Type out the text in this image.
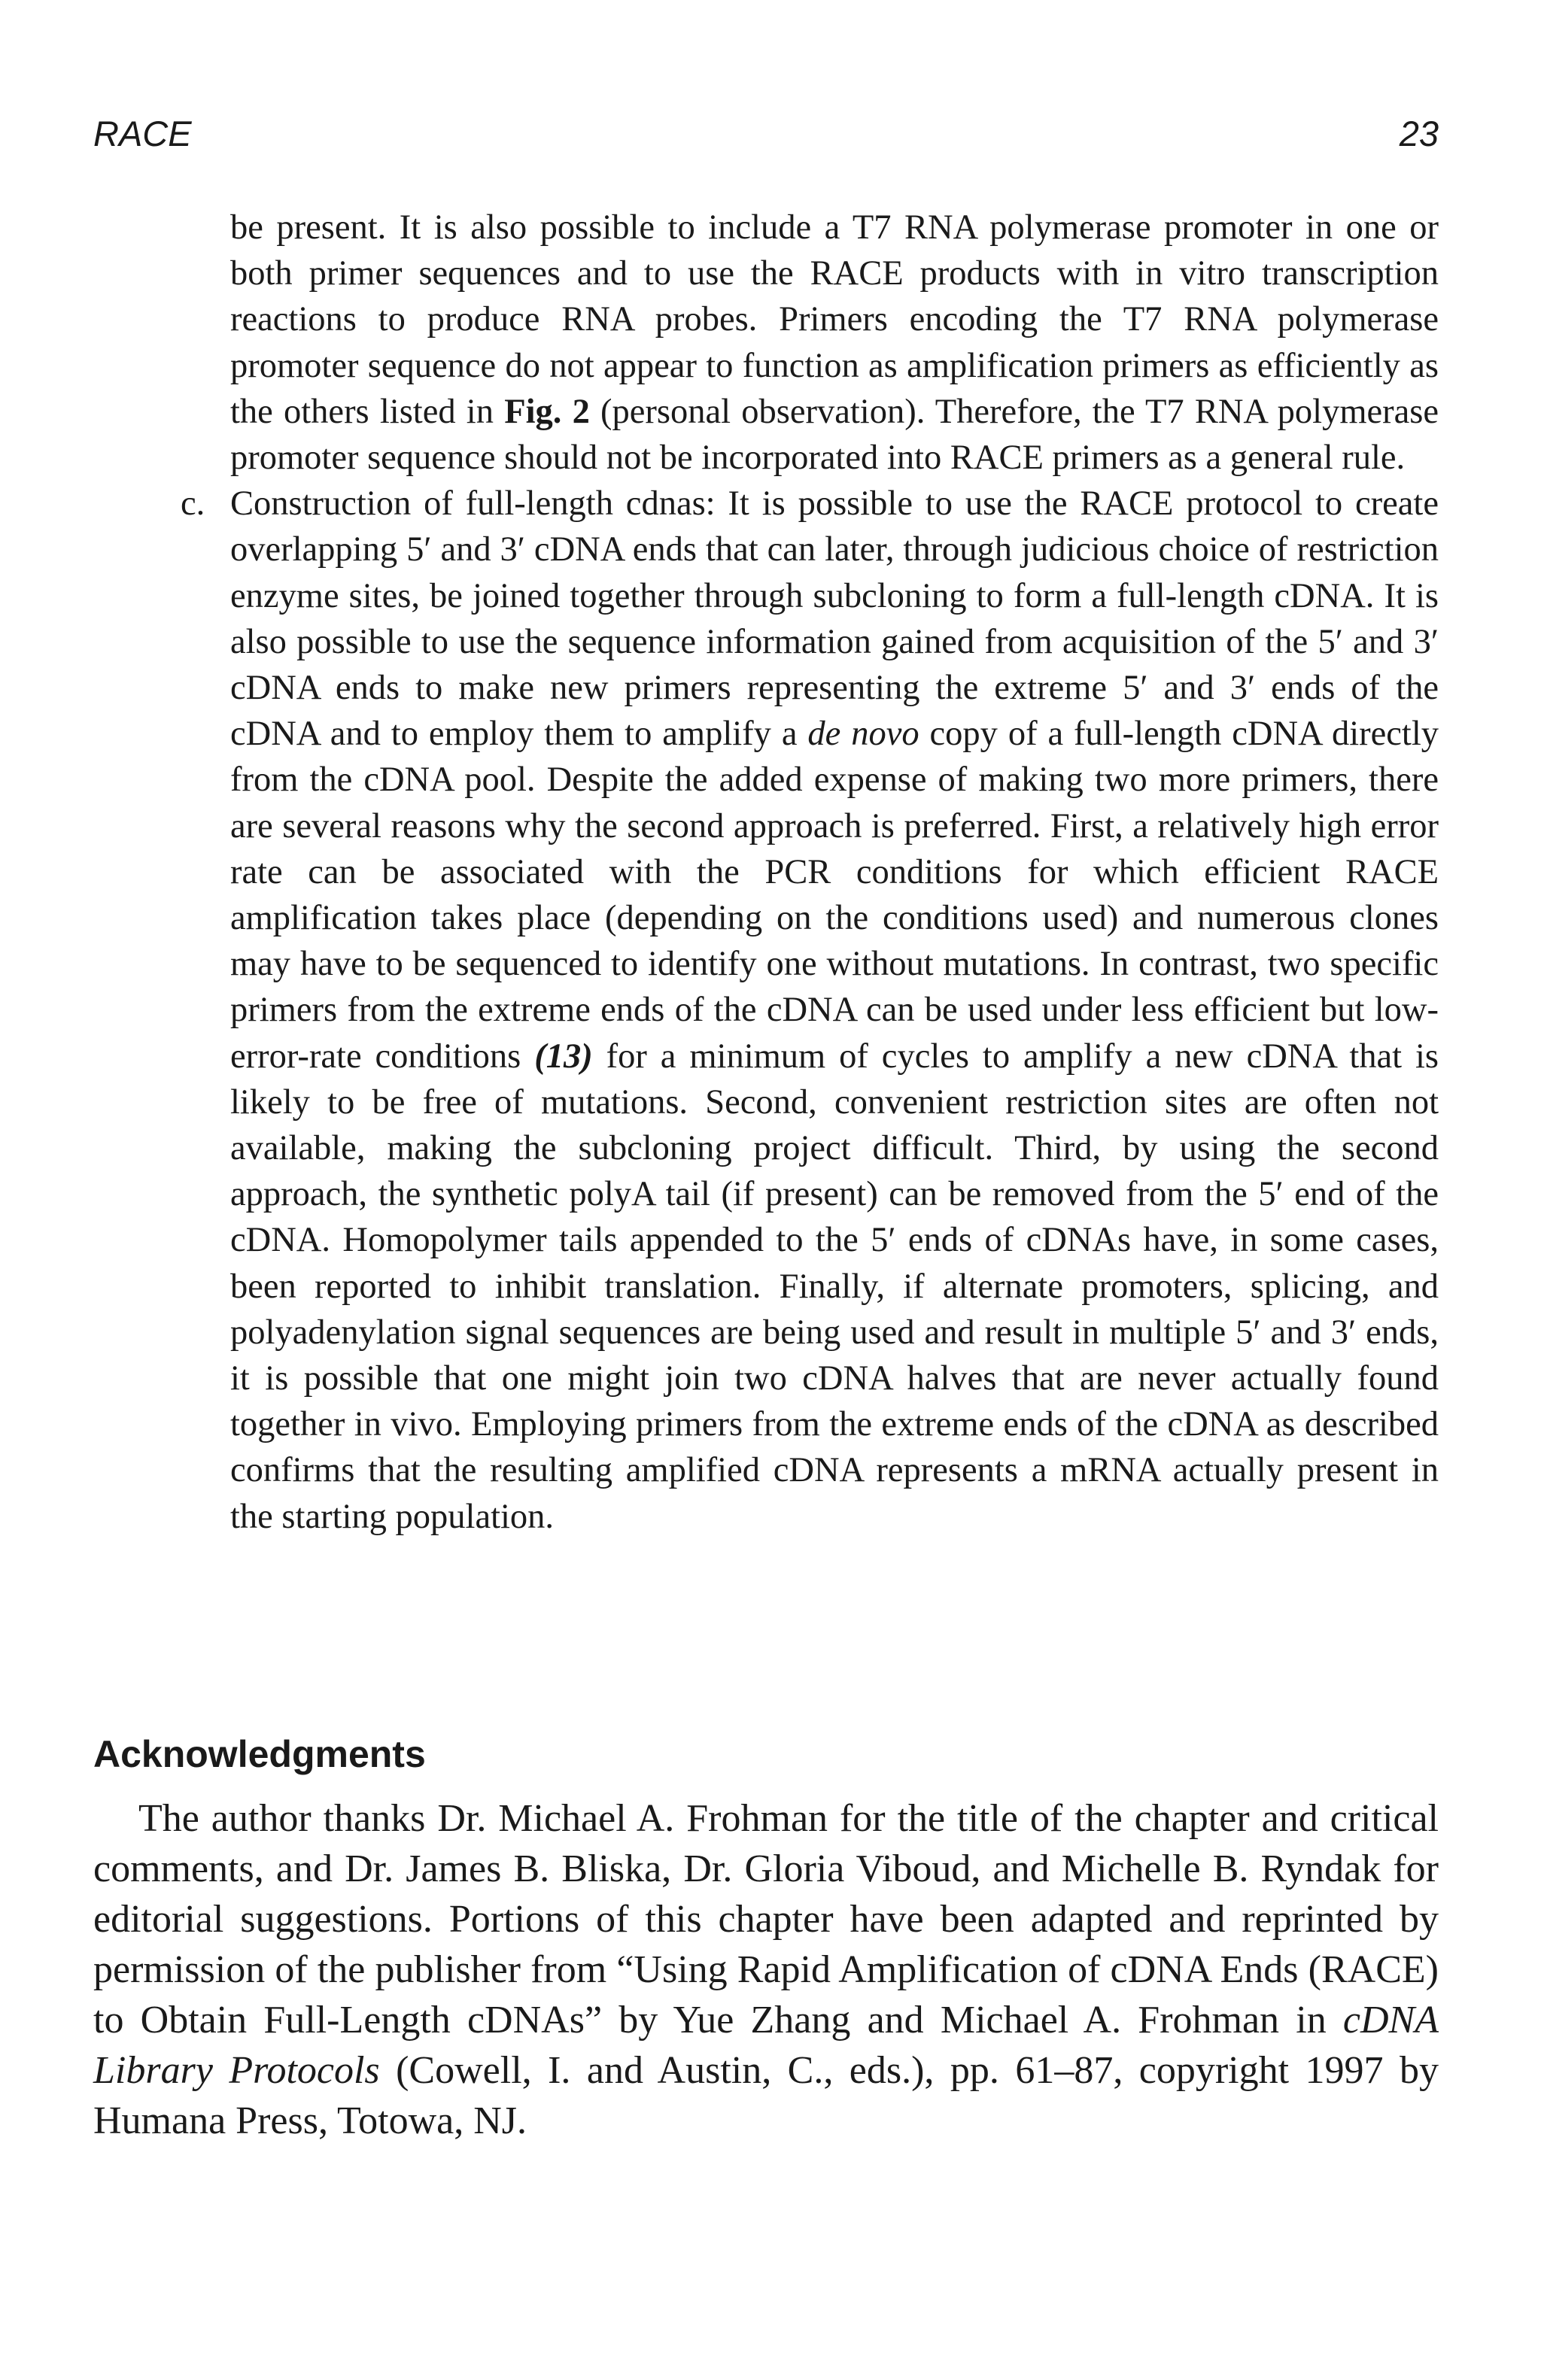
RACE	23

be present. It is also possible to include a T7 RNA polymerase promoter in one or both primer sequences and to use the RACE products with in vitro transcription reactions to produce RNA probes. Primers encoding the T7 RNA polymerase promoter sequence do not appear to function as amplification primers as efficiently as the others listed in Fig. 2 (personal observation). Therefore, the T7 RNA polymerase promoter sequence should not be incorporated into RACE primers as a general rule.

c. Construction of full-length cdnas: It is possible to use the RACE protocol to create overlapping 5′ and 3′ cDNA ends that can later, through judicious choice of restriction enzyme sites, be joined together through subcloning to form a full-length cDNA. It is also possible to use the sequence information gained from acquisition of the 5′ and 3′ cDNA ends to make new primers representing the extreme 5′ and 3′ ends of the cDNA and to employ them to amplify a de novo copy of a full-length cDNA directly from the cDNA pool. Despite the added expense of making two more primers, there are several reasons why the second approach is preferred. First, a relatively high error rate can be associated with the PCR conditions for which efficient RACE amplification takes place (depending on the conditions used) and numerous clones may have to be sequenced to identify one without mutations. In contrast, two specific primers from the extreme ends of the cDNA can be used under less efficient but low-error-rate conditions (13) for a minimum of cycles to amplify a new cDNA that is likely to be free of mutations. Second, convenient restriction sites are often not available, making the subcloning project difficult. Third, by using the second approach, the synthetic polyA tail (if present) can be removed from the 5′ end of the cDNA. Homopolymer tails appended to the 5′ ends of cDNAs have, in some cases, been reported to inhibit translation. Finally, if alternate promoters, splicing, and polyadenylation signal sequences are being used and result in multiple 5′ and 3′ ends, it is possible that one might join two cDNA halves that are never actually found together in vivo. Employing primers from the extreme ends of the cDNA as described confirms that the resulting amplified cDNA represents a mRNA actually present in the starting population.

Acknowledgments

The author thanks Dr. Michael A. Frohman for the title of the chapter and critical comments, and Dr. James B. Bliska, Dr. Gloria Viboud, and Michelle B. Ryndak for editorial suggestions. Portions of this chapter have been adapted and reprinted by permission of the publisher from “Using Rapid Amplification of cDNA Ends (RACE) to Obtain Full-Length cDNAs” by Yue Zhang and Michael A. Frohman in cDNA Library Protocols (Cowell, I. and Austin, C., eds.), pp. 61–87, copyright 1997 by Humana Press, Totowa, NJ.
